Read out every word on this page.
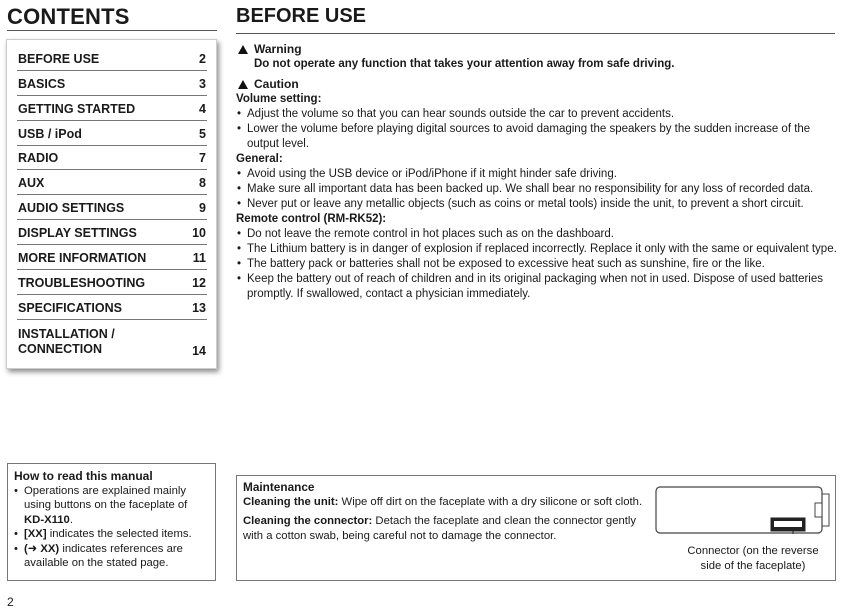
CONTENTS
BEFORE USE	2
BASICS	3
GETTING STARTED	4
USB / iPod	5
RADIO	7
AUX	8
AUDIO SETTINGS	9
DISPLAY SETTINGS	10
MORE INFORMATION	11
TROUBLESHOOTING	12
SPECIFICATIONS	13
INSTALLATION / CONNECTION	14
BEFORE USE
Warning
Do not operate any function that takes your attention away from safe driving.
Caution
Volume setting:
• Adjust the volume so that you can hear sounds outside the car to prevent accidents.
• Lower the volume before playing digital sources to avoid damaging the speakers by the sudden increase of the output level.
General:
• Avoid using the USB device or iPod/iPhone if it might hinder safe driving.
• Make sure all important data has been backed up. We shall bear no responsibility for any loss of recorded data.
• Never put or leave any metallic objects (such as coins or metal tools) inside the unit, to prevent a short circuit.
Remote control (RM-RK52):
• Do not leave the remote control in hot places such as on the dashboard.
• The Lithium battery is in danger of explosion if replaced incorrectly. Replace it only with the same or equivalent type.
• The battery pack or batteries shall not be exposed to excessive heat such as sunshine, fire or the like.
• Keep the battery out of reach of children and in its original packaging when not in used. Dispose of used batteries promptly. If swallowed, contact a physician immediately.
How to read this manual
• Operations are explained mainly using buttons on the faceplate of KD-X110.
• [XX] indicates the selected items.
• (➜ XX) indicates references are available on the stated page.
Maintenance
Cleaning the unit: Wipe off dirt on the faceplate with a dry silicone or soft cloth.
Cleaning the connector: Detach the faceplate and clean the connector gently with a cotton swab, being careful not to damage the connector.
Connector (on the reverse side of the faceplate)
2
